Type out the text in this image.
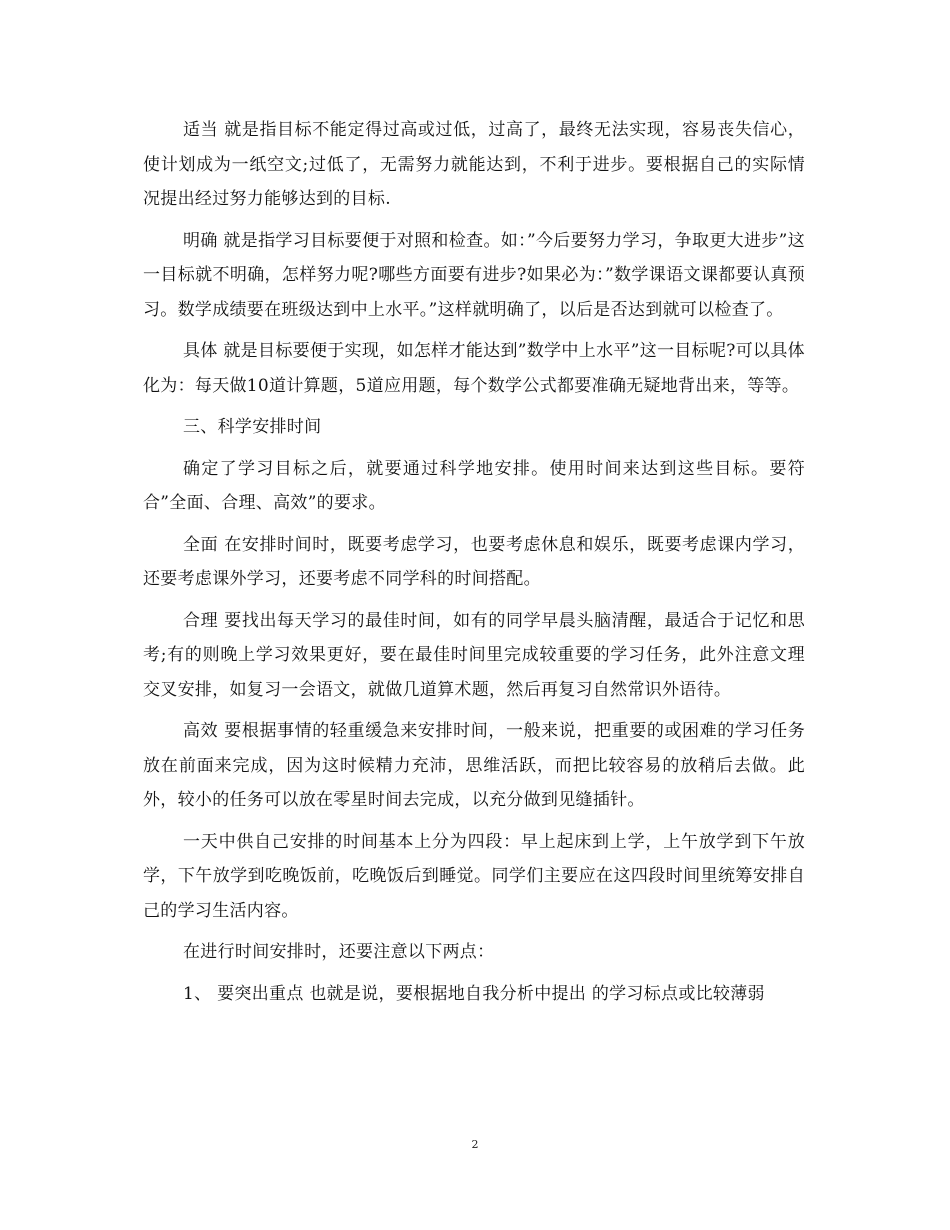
适当 就是指目标不能定得过高或过低，过高了，最终无法实现，容易丧失信心，使计划成为一纸空文;过低了，无需努力就能达到，不利于进步。要根据自己的实际情况提出经过努力能够达到的目标.

明确 就是指学习目标要便于对照和检查。如：”今后要努力学习，争取更大进步”这一目标就不明确，怎样努力呢?哪些方面要有进步?如果必为：”数学课语文课都要认真预习。数学成绩要在班级达到中上水平。”这样就明确了，以后是否达到就可以检查了。

具体 就是目标要便于实现，如怎样才能达到”数学中上水平”这一目标呢?可以具体化为：每天做10道计算题，5道应用题，每个数学公式都要准确无疑地背出来，等等。

三、科学安排时间

确定了学习目标之后，就要通过科学地安排。使用时间来达到这些目标。要符合”全面、合理、高效”的要求。

全面 在安排时间时，既要考虑学习，也要考虑休息和娱乐，既要考虑课内学习，还要考虑课外学习，还要考虑不同学科的时间搭配。

合理 要找出每天学习的最佳时间，如有的同学早晨头脑清醒，最适合于记忆和思考;有的则晚上学习效果更好，要在最佳时间里完成较重要的学习任务，此外注意文理交叉安排，如复习一会语文，就做几道算术题，然后再复习自然常识外语待。

高效 要根据事情的轻重缓急来安排时间，一般来说，把重要的或困难的学习任务放在前面来完成，因为这时候精力充沛，思维活跃，而把比较容易的放稍后去做。此外，较小的任务可以放在零星时间去完成，以充分做到见缝插针。

一天中供自己安排的时间基本上分为四段：早上起床到上学，上午放学到下午放学，下午放学到吃晚饭前，吃晚饭后到睡觉。同学们主要应在这四段时间里统筹安排自己的学习生活内容。

在进行时间安排时，还要注意以下两点：

1、 要突出重点 也就是说，要根据地自我分析中提出 的学习标点或比较薄弱

2
